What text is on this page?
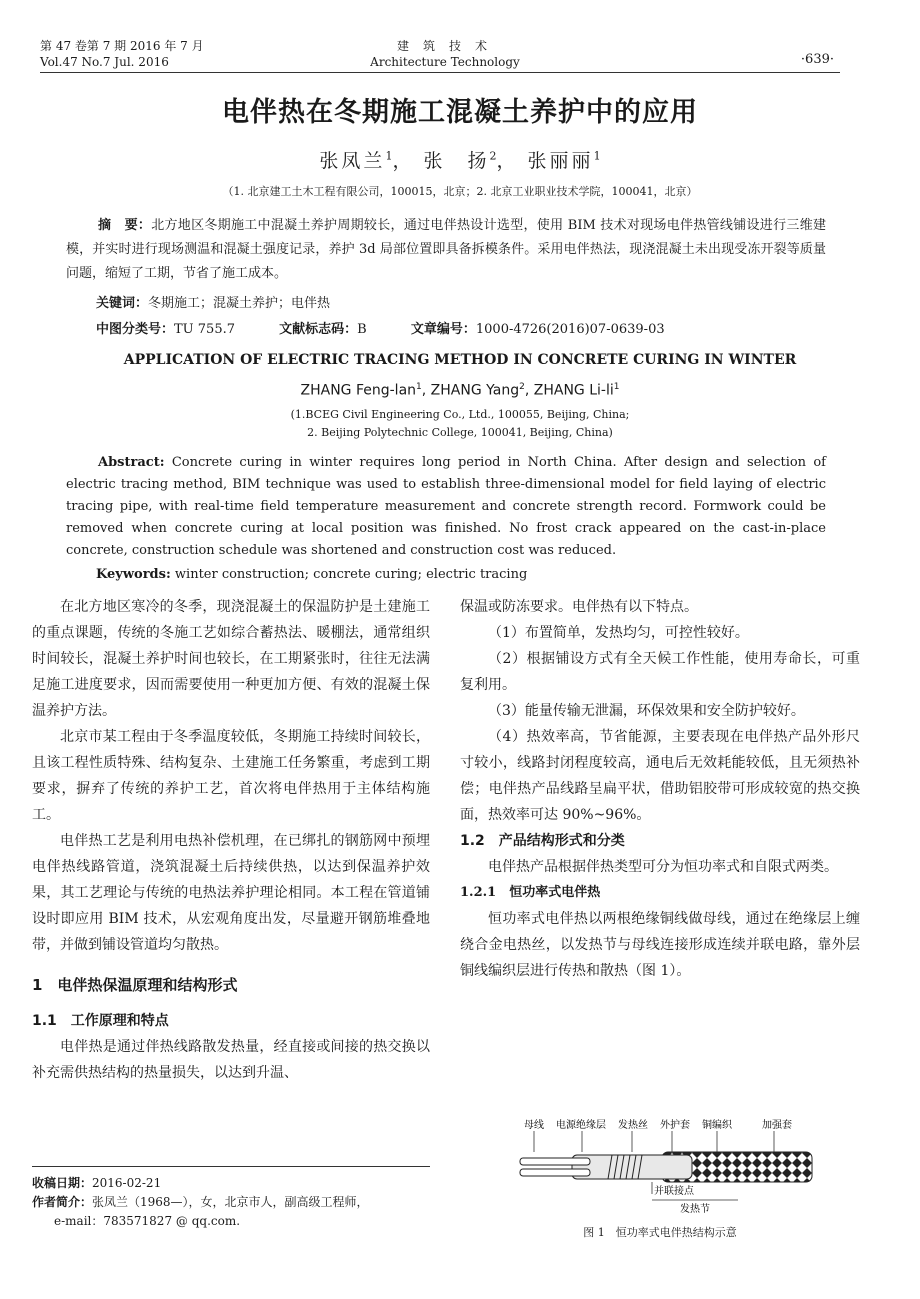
第 47 卷第 7 期 2016 年 7 月
Vol.47 No.7 Jul. 2016
建筑技术
Architecture Technology	·639·
电伴热在冬期施工混凝土养护中的应用
张凤兰$^1$， 张　扬$^2$， 张丽丽$^1$
（1. 北京建工土木工程有限公司，100015，北京；2. 北京工业职业技术学院，100041，北京）

摘　要：北方地区冬期施工中混凝土养护周期较长，通过电伴热设计选型，使用 BIM 技术对现场电伴热管线铺设进行三维建模，并实时进行现场测温和混凝土强度记录，养护 3d 局部位置即具备拆模条件。采用电伴热法，现浇混凝土未出现受冻开裂等质量问题，缩短了工期，节省了施工成本。

关键词：冬期施工；混凝土养护；电伴热
中图分类号：TU 755.7	文献标志码：B	文章编号：1000-4726(2016)07-0639-03
APPLICATION OF ELECTRIC TRACING METHOD IN CONCRETE CURING IN WINTER
ZHANG Feng-lan$^1$, ZHANG Yang$^2$, ZHANG $Li-li^1$
(1.BCEG Civil Engineering Co., Ltd., 100055, Beijing, China;
2. Beijing Polytechnic College, 100041, Beijing, China)

Abstract: Concrete curing in winter requires long period in North China. After design and selection of electric tracing method, BIM technique was used to establish three-dimensional model for field laying of electric tracing pipe, with real-time field temperature measurement and concrete strength record. Formwork could be removed when concrete curing at local position was finished. No frost crack appeared on the cast-in-place concrete, construction schedule was shortened and construction cost was reduced.

Keywords: winter construction; concrete curing; electric tracing

在北方地区寒冷的冬季，现浇混凝土的保温防护是土建施工的重点课题，传统的冬施工艺如综合蓄热法、暖棚法，通常组织时间较长，混凝土养护时间也较长，在工期紧张时，往往无法满足施工进度要求，因而需要使用一种更加方便、有效的混凝土保温养护方法。

北京市某工程由于冬季温度较低，冬期施工持续时间较长，且该工程性质特殊、结构复杂、土建施工任务繁重，考虑到工期要求，摒弃了传统的养护工艺，首次将电伴热用于主体结构施工。

电伴热工艺是利用电热补偿机理，在已绑扎的钢筋网中预埋电伴热线路管道，浇筑混凝土后持续供热，以达到保温养护效果，其工艺理论与传统的电热法养护理论相同。本工程在管道铺设时即应用 BIM 技术，从宏观角度出发，尽量避开钢筋堆叠地带，并做到铺设管道均匀散热。

1　电伴热保温原理和结构形式
1.1　工作原理和特点

电伴热是通过伴热线路散发热量，经直接或间接的热交换以补充需供热结构的热量损失，以达到升温、

保温或防冻要求。电伴热有以下特点。

（1）布置简单，发热均匀，可控性较好。

（2）根据铺设方式有全天候工作性能，使用寿命长，可重复利用。

（3）能量传输无泄漏，环保效果和安全防护较好。

（4）热效率高，节省能源，主要表现在电伴热产品外形尺寸较小，线路封闭程度较高，通电后无效耗能较低，且无须热补偿；电伴热产品线路呈扁平状，借助铝胶带可形成较宽的热交换面，热效率可达 90%~96%。

1.2　产品结构形式和分类

电伴热产品根据伴热类型可分为恒功率式和自限式两类。

1.2.1　恒功率式电伴热

恒功率式电伴热以两根绝缘铜线做母线，通过在绝缘层上缠绕合金电热丝，以发热节与母线连接形成连续并联电路，靠外层铜线编织层进行传热和散热（图 1）。

母线 电源绝缘层 发热丝 外护套 铜编织	加强套
并联接点
发热节
图 1　恒功率式电伴热结构示意
收稿日期：2016-02-21
作者简介：张凤兰（1968—），女，北京市人，副高级工程师，
e-mail：783571827 @ qq.com.
